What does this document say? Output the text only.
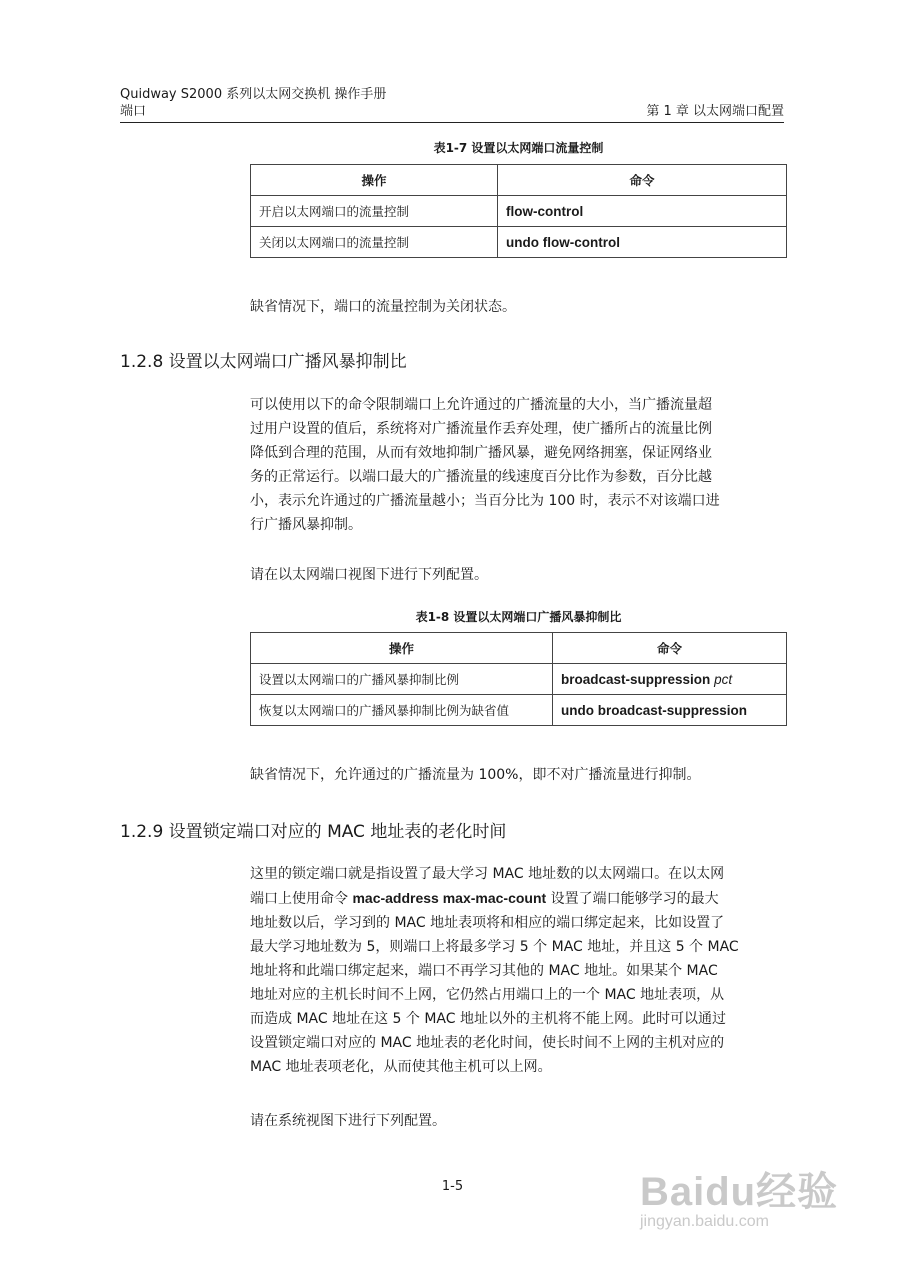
Quidway S2000 系列以太网交换机 操作手册
端口	第 1 章 以太网端口配置
表1-7 设置以太网端口流量控制
操作	命令
开启以太网端口的流量控制	flow-control
关闭以太网端口的流量控制	undo flow-control
缺省情况下，端口的流量控制为关闭状态。
1.2.8 设置以太网端口广播风暴抑制比

可以使用以下的命令限制端口上允许通过的广播流量的大小，当广播流量超

过用户设置的值后，系统将对广播流量作丢弃处理，使广播所占的流量比例

降低到合理的范围，从而有效地抑制广播风暴，避免网络拥塞，保证网络业

务的正常运行。以端口最大的广播流量的线速度百分比作为参数，百分比越

小，表示允许通过的广播流量越小；当百分比为 100 时，表示不对该端口进

行广播风暴抑制。

请在以太网端口视图下进行下列配置。
表1-8 设置以太网端口广播风暴抑制比
操作	命令
设置以太网端口的广播风暴抑制比例	broadcast-suppression pct
恢复以太网端口的广播风暴抑制比例为缺省值	undo broadcast-suppression
缺省情况下，允许通过的广播流量为 100%，即不对广播流量进行抑制。
1.2.9 设置锁定端口对应的 MAC 地址表的老化时间

这里的锁定端口就是指设置了最大学习 MAC 地址数的以太网端口。在以太网

端口上使用命令 mac-address max-mac-count 设置了端口能够学习的最大

地址数以后，学习到的 MAC 地址表项将和相应的端口绑定起来，比如设置了

最大学习地址数为 5，则端口上将最多学习 5 个 MAC 地址，并且这 5 个 MAC

地址将和此端口绑定起来，端口不再学习其他的 MAC 地址。如果某个 MAC

地址对应的主机长时间不上网，它仍然占用端口上的一个 MAC 地址表项，从

而造成 MAC 地址在这 5 个 MAC 地址以外的主机将不能上网。此时可以通过

设置锁定端口对应的 MAC 地址表的老化时间，使长时间不上网的主机对应的

MAC 地址表项老化，从而使其他主机可以上网。

请在系统视图下进行下列配置。
1-5	Baidu经验
jingyan.baidu.com
